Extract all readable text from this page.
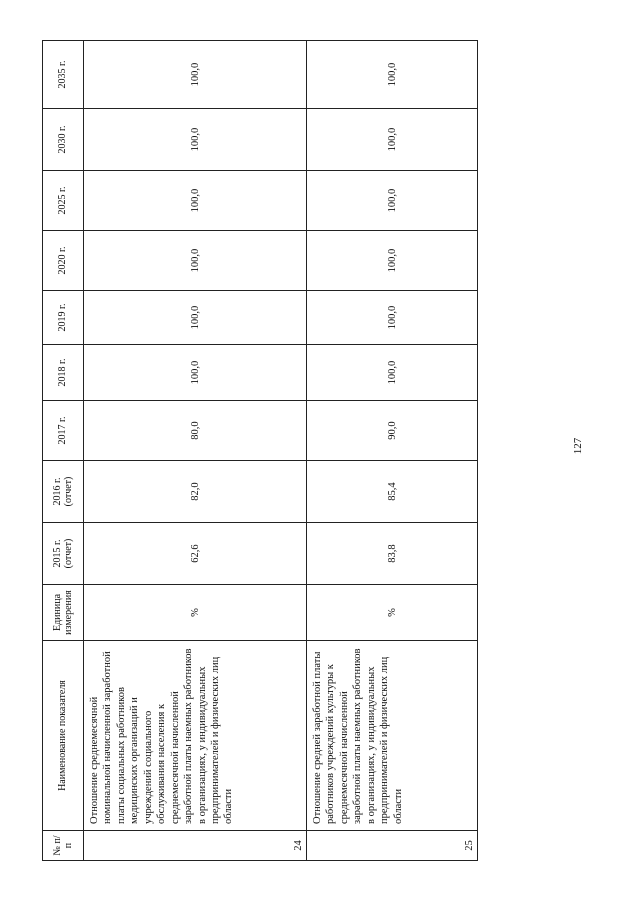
№ п/п	Наименование показателя	Единица измерения	2015 г. (отчет)	2016 г. (отчет)	2017 г.	2018 г.	2019 г.	2020 г.	2025 г.	2030 г.	2035 г.
24	Отношение среднемесячной номинальной начисленной заработной платы социальных работников медицинских организаций и учреждений социального обслуживания населения к среднемесячной начисленной заработной платы наемных работников в организациях, у индивидуальных предпринимателей и физических лиц области	%	62,6	82,0	80,0	100,0	100,0	100,0	100,0	100,0	100,0
25	Отношение средней заработной платы работников учреждений культуры к среднемесячной начисленной заработной платы наемных работников в организациях, у индивидуальных предпринимателей и физических лиц области	%	83,8	85,4	90,0	100,0	100,0	100,0	100,0	100,0	100,0
127
